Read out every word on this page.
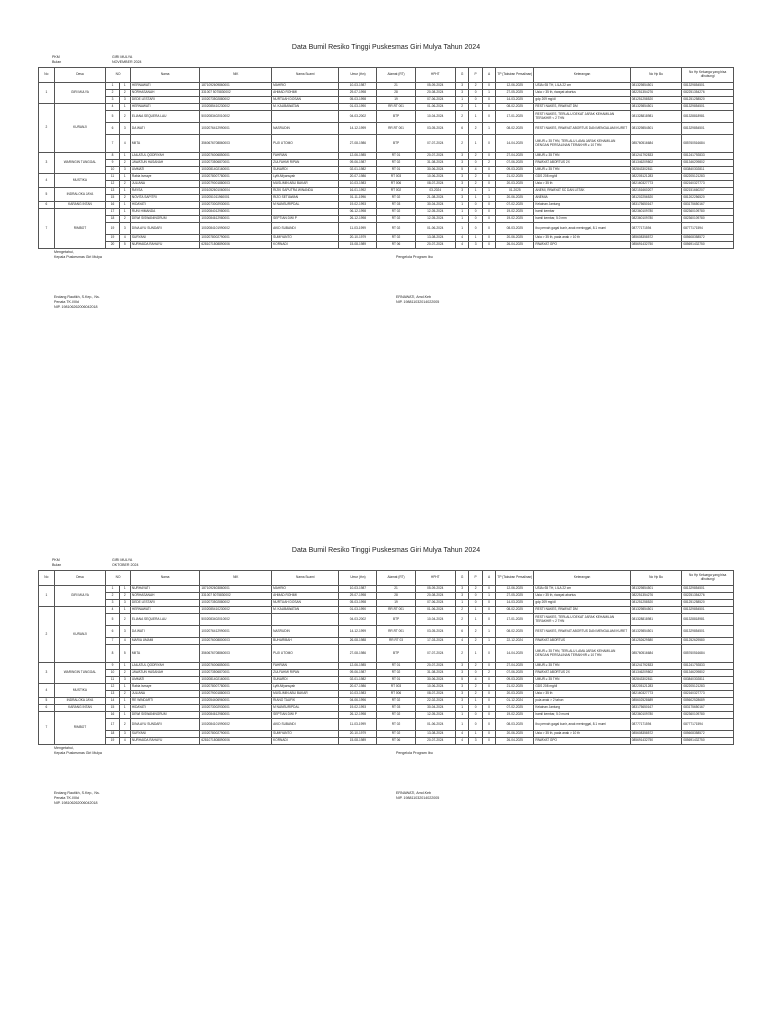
Data Bumil Resiko Tinggi Puskesmas Giri Mulya Tahun 2024
PKM	GIRI MULYA
Bulan	NOVEMBER 2024
No	Desa	NO		Nama	NIK	Nama Suami	Umur (thn)	Alamat (RT)	HPHT	G	P	A	TP (Taksiran Persalinan)	Keterangan	No Hp Bu	No Hp Keluarga yang bisa dihubungi
1	GIRI MULYA	1	1	HERNAWATI	1871092609860001	MAHRIO	10-03-1987	21	05-09-2024	3	2	0	12-06-2025	USIA>35 TH, LILA 22 cm	081329854501	081329854501
		2	2	NORHASANAH	331007 5075830002	AHMAD ROHIMI	29-07-1998	28	20-08-2024	3	0	1	27-05-2025	Usia > 35 th, riwayat abortus	08225135427​6	08225135427​6
		3	3	DEDE LESTARI	1002073502880002	NURTUAH DOSAN	05-03-1998	19	07-06-2024	1	0	0	14-03-2025	gdp 209 mg/dl	081251258520	081251258520
2	KURANJI	4	1	HERNAWATI	1002085410230002	M. KAUBAWATAN	01-03-1990	RR.RT 001	01-06-2024	2	1	0	08-02-2025	RESTI NAKES, RIWAYAT DM	081329854501	081329854501
		5	2	ELIANA SEQUERA LAU	5002083402010002		04-03-2002	BTP	10-04-2024	2	1	0	17-01-2025	RESTI NAKES, TERLALU DEKAT JARAK KEHAMILAN TERAKHIR < 2 THN	081328818981	081328818981
		6	3	DA WATI	1002076412990001	NASRUDIN	14-12-1999	RR.RT 001	03-05-2024	6	2	1	08-02-2025	RESTI NAKES, RIWAYAT ABORTUS DAN MENGALAMI KURET	081329854501	081329854501
		7	4	MIITA	3560676708860003	PUJI UTOMO	27-08-1986	BTP	07-07-2024	2	1	0	14-04-2025	UMUR ≥ 35 THN, TERLALU LAMA JARAK KEHAMILAN DENGAN PERSALINAN TERAKHIR ≥ 10 THN	085760516684	085760516684
3	WARINGIN TUNGGAL	8	1	LAILATUL QODRIYAH	1002076006850001	FAHRIAN	12-06-1985	RT 01	20-07-2024	3	2	0	27-04-2025	UMUR ≥ 35 THN	081241792833	081241792833
		9	2	JAWATUN HASANAH	1002073506870001	ZULFAHMI RIPAN	09-06-1987	RT 02	31-08-2024	3	0	2	07-06-2025	RIWAYAT ABORTUS 2X	081346209802	081346209802
		10	3	UMMATI	1002081402160001	SUNARDI	02-01-1982	RT 01	30-06-2024	5	4	0	09-03-2025	UMUR ≥ 35 THN	082843302811	083840302811
4	MUSTIKA	11	1	Rabia Ismaye	1002078007780001	Lyfit Alfyansyah	20-07-1986	RT 003	10-06-2024	3	2	0	21-02-2025	GDS 208 mg/dl	082205121283	082205121283
		12	2	JULIANA	1002079001880003	MUSLIMIN ABU BAKAR	10-03-1983	RT 006	08-07-2024	3	2	0	20-03-2025	Usia > 35 th	082160327773	082160327773
5	INDRALOKA JAYA	13	1	RAYSA	1001052601060004	RIZKI SAPUTRA WINANDA	16-01-1992	RT 002	03-2024	3	1	1	01-2025	ANEMI, RIWAYAT SC DAN LETAK	082151660207	082151660207
		15	2	NOVITA SAPITRI	1002051011960001	RIZO SETIAWAN	01-11-1996	RT 02	21-08-2024	3	1	1	20-06-2025	ANEMIA	081202256520	081202256520
6	KARANG INTAN	16	1	HIDAYATI	1002073002930001	M NANSURIPDAL	19-02-1993	RT 03	30-04-2024	1	0	0	07-02-2025	Kelainan Jantung	083175650167	083175650167
7	RIMBOT	17	1	RUNI HIMANDA	1002084012980001		06-12-1998	RT 02	12-05-2024	1	0	0	19-02-2025	hamil kembar	082360109780	082360109780
		18	2	DEWI SISWANINGRUM	1002084612980001	SEPTIAN DWI P	26-12-1998	RT 02	12-05-2024	1	0	0	19-02-2025	hamil kembar, 5.0 mm	082360109780	082360109780
		19	3	DINA AYU SUNDARI	1002084101990002	AKID SUBANDI	11-03-1999	RT 02	01-06-2024	1	0	0	08-03-2025	ibu pernah gagal kunir, anak meninggal, 8.1 mumi	0877717159​4	0877717159​4
		19	4	SURYANI	1002078002790001	SUMIYANTO	20-10-1979	RT 02	13-08-2024	4	1	0	20-06-2025	Usia > 35 th, pada anak > 10 th	085608358572	085608358572
		20	5	NURHAIDA RAHAYU	6281071808890006	KORNADI	15-08-1989	RT 06	20-07-2024	4	3	0	26-04-2025	RIWAYAT GPO	085691432750	085691432750
Mengetahui,
Kepala Puskesmas Giri Mulya	Pengelola Program Ibu
Endang Rautikh, S.Kep., Ns.
Penata TK.I/IIId
NIP. 198106262006042018
ERNAWATI, Amd.Keb
NIP. 198811032014022005
Data Bumil Resiko Tinggi Puskesmas Giri Mulya Tahun 2024
PKM	GIRI MULYA
Bulan	OKTOBER 2024
No	Desa	NO		Nama	NIK	Nama Suami	Umur (thn)	Alamat (RT)	HPHT	G	P	A	TP (Taksiran Persalinan)	Keterangan	No Hp Bu	No Hp Keluarga yang bisa dihubungi
1	GIRI MULYA	1	1	NURHAYATI	1871092603860001	MAHRIO	10-03-1987	21	05-09-2024	3	2	0	12-06-2025	USIA>35 TH, LILA 22 cm	081329854501	081329854501
		2	2	NORHASANAH	331007 5075830002	AHMAD ROHIMI	29-07-1998	28	20-08-2024	3	0	1	27-05-2025	Usia > 35 th, riwayat abortus	082251354276	082251354276
		3	3	DEDE LESTARI	1002073502880002	NURTUAH DOSAN	05-03-1998	19	07-06-2024	1	0	0	14-03-2025	gdp 209 mg/dl	081251258520	081251258520
2	KURANJI	4	1	HERNAWATI	1002085410230002	M. KAUBAWATAN	01-03-1990	RR.RT 001	01-06-2024	2	1	0	08-02-2025	RESTI NAKES, RIWAYAT DM	081329854501	081329854501
		5	2	ELIANA SEQUERA LAU	5002083402010002		04-03-2002	BTP	10-04-2024	2	1	0	17-01-2025	RESTI NAKES, TERLALU DEKAT JARAK KEHAMILAN TERAKHIR < 2 THN	081328818981	081328818981
		6	3	DA WATI	1002076412990001	NASRUDIN	14-12-1999	RR.RT 001	03-05-2024	6	2	1	08-02-2025	RESTI NAKES, RIWAYAT ABORTUS DAN MENGALAMI KURET	081329854501	081329854501
		7	4	MARIA UMAMI	1002076008800003	BUHARIBAH	26-08-1988	RR.RT 03	17-03-2024	4	2	1	22-12-2024	RIWAYAT ABORTUS	081252629580	081252629580
		8	5	MIITA	3560676708860003	PUJI UTOMO	27-08-1986	BTP	07-07-2024	2	1	0	14-04-2025	UMUR ≥ 35 THN, TERLALU LAMA JARAK KEHAMILAN DENGAN PERSALINAN TERAKHIR ≥ 10 THN	085760516684	085760516684
3	WARINGIN TUNGGAL	9	1	LAILATUL QODRIYAH	1002076006850001	FAHRIAN	12-06-1985	RT 01	20-07-2024	3	2	0	27-04-2025	UMUR ≥ 35 THN	081241792833	081241792833
		10	2	JAWATUN HASANAH	1002073506870001	ZULFAHMI RIPAN	09-06-1987	RT 02	31-08-2024	3	0	2	07-06-2025	RIWAYAT ABORTUS 2X	081346209802	081346209802
		11	3	UMMATI	1002081402160001	SUNARDI	02-01-1982	RT 01	30-06-2024	5	4	0	09-03-2025	UMUR ≥ 35 THN	082843302811	083840302811
4	MUSTIKA	12	1	Rabia Ismaye	1002078007780001	Lyfit Alfyansyah	20-07-1986	RT 003	10-06-2024	3	2	0	21-02-2025	GDS 208 mg/dl	082205121283	082205121283
		13	2	JULIANA	1002079001880003	MUSLIMIN ABU BAKAR	10-03-1983	RT 006	08-07-2024	3	2	0	20-03-2025	Usia > 35 th	082160327773	082160327773
5	INDRALOKA JAYA	14	1	RE WINDARTI	1002054406960001	RIANO TAUFIK	04-06-1996	RT 02	22-02-2024	3	1	0	01-12-2024	pula anak > 2 tahun	085602528689	085602528689
6	KARANG INTAN	15	1	HIDAYATI	1002073002930001	M NANSURIPDAL	19-02-1993	RT 03	30-04-2024	1	0	0	07-02-2025	Kelainan Jantung	083175650167	083175650167
7	RIMBOT	16	1	DEWI SISWANINGRUM	1002084612980001	SEPTIAN DWI P	26-12-1998	RT 02	12-05-2024	1	0	0	19-02-2025	hamil kembar, 5.0 mumi	082360109780	082360109780
		17	2	DINA AYU SUNDARI	1002084101990002	AKID SUBANDI	11-03-1999	RT 02	01-06-2024	1	0	0	08-03-2025	ibu pernah gagal kunir, anak meninggal, 8.1 mumi	0877717159​4	0877717159​4
		18	3	SURYANI	1002078002790001	SUMIYANTO	20-10-1979	RT 02	13-08-2024	4	1	0	20-06-2025	Usia > 35 th, pada anak > 10 th	085608358572	085608358572
		19	4	NURHAIDA RAHAYU	6281071808890006	KORNADI	15-08-1989	RT 06	20-07-2024	4	3	0	26-04-2025	RIWAYAT GPO	085691432750	085691432750
Mengetahui,
Kepala Puskesmas Giri Mulya	Pengelola Program Ibu
Endang Rautikh, S.Kep., Ns.
Penata TK.I/IIId
NIP. 198106262006042018
ERNAWATI, Amd.Keb
NIP. 198811032014022005
